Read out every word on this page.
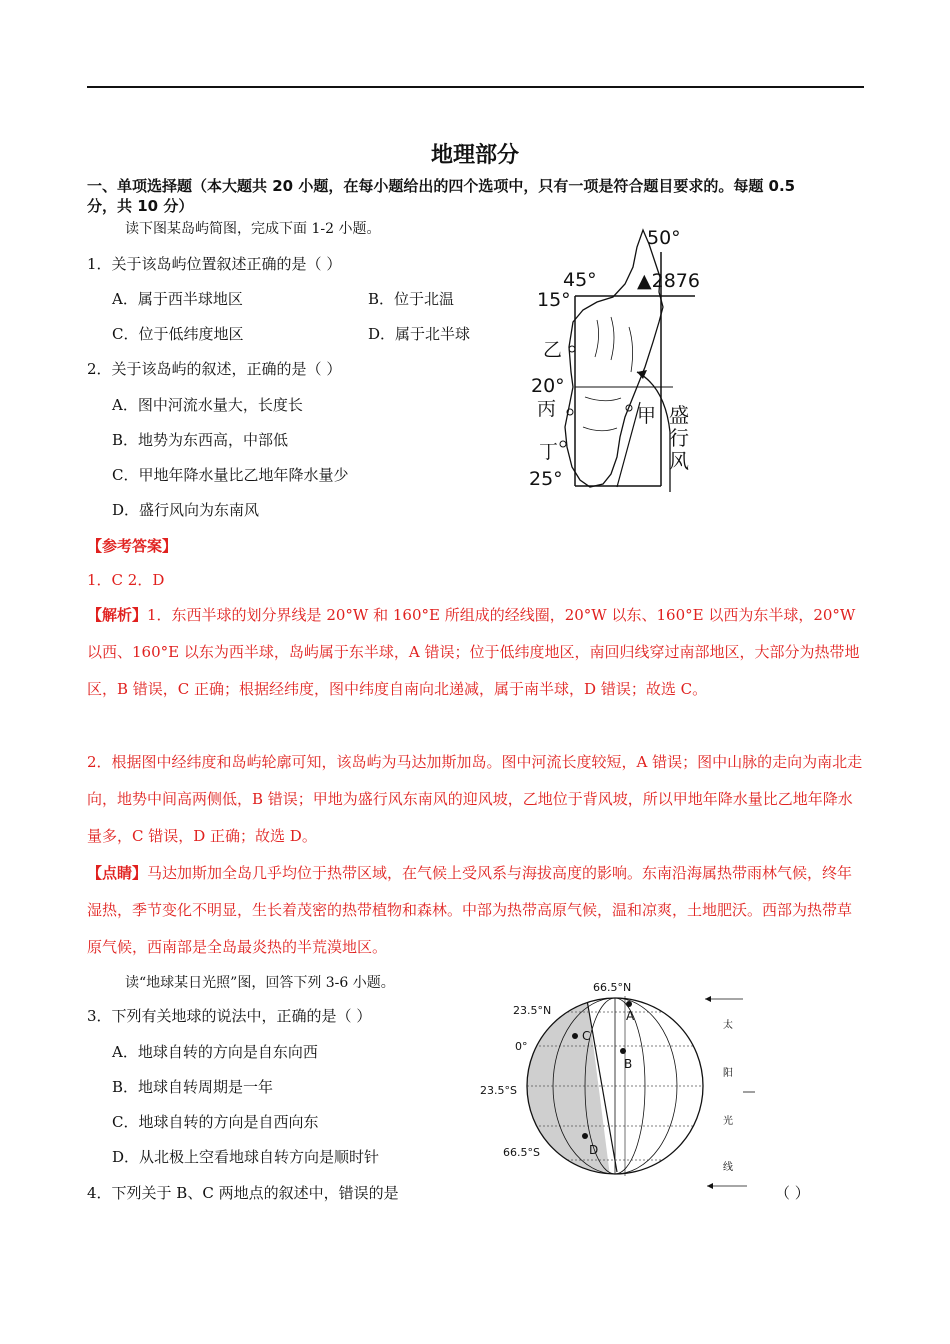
地理部分
一、单项选择题（本大题共 20 小题，在每小题给出的四个选项中，只有一项是符合题目要求的。每题 0.5
分，共 10 分）
读下图某岛屿简图，完成下面 1-2 小题。
1．关于该岛屿位置叙述正确的是（ ）
A．属于西半球地区	B．位于北温
C．位于低纬度地区	D．属于北半球
2．关于该岛屿的叙述，正确的是（ ）
A．图中河流水量大，长度长
B．地势为东西高，中部低
C．甲地年降水量比乙地年降水量少
D．盛行风向为东南风
【参考答案】
1．C 2．D
【解析】1．东西半球的划分界线是 20°W 和 160°E 所组成的经线圈，20°W 以东、160°E 以西为东半球，20°W 以西、160°E 以东为西半球，岛屿属于东半球，A 错误；位于低纬度地区，南回归线穿过南部地区，大部分为热带地区，B 错误，C 正确；根据经纬度，图中纬度自南向北递减，属于南半球，D 错误；故选 C。
2．根据图中经纬度和岛屿轮廓可知，该岛屿为马达加斯加岛。图中河流长度较短，A 错误；图中山脉的走向为南北走向，地势中间高两侧低，B 错误；甲地为盛行风东南风的迎风坡，乙地位于背风坡，所以甲地年降水量比乙地年降水量多，C 错误，D 正确；故选 D。
【点睛】马达加斯加全岛几乎均位于热带区域，在气候上受风系与海拔高度的影响。东南沿海属热带雨林气候，终年湿热，季节变化不明显，生长着茂密的热带植物和森林。中部为热带高原气候，温和凉爽，土地肥沃。西部为热带草原气候，西南部是全岛最炎热的半荒漠地区。
读“地球某日光照”图，回答下列 3-6 小题。
3．下列有关地球的说法中，正确的是（ ）
A．地球自转的方向是自东向西
B．地球自转周期是一年
C．地球自转的方向是自西向东
D．从北极上空看地球自转方向是顺时针
4．下列关于 B、C 两地点的叙述中，错误的是	（ ）
50°
45°
15°
▲2876
乙
20°
丙	甲
丁
25°
盛
行
风
A
B
C
D
66.5°N
23.5°N
0°
23.5°S
66.5°S
太
阳
光
线
